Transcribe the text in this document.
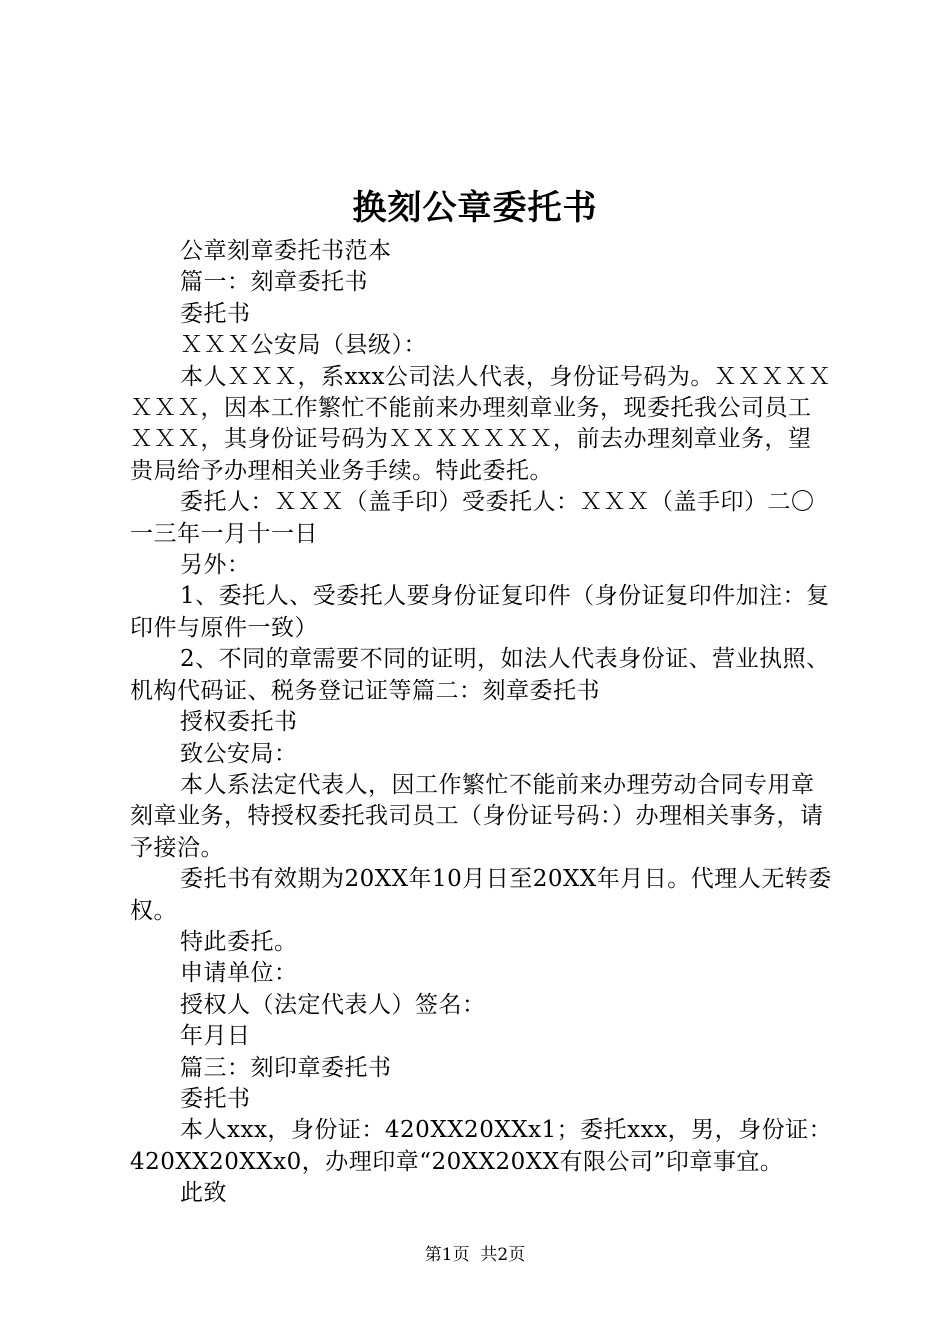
换刻公章委托书

公章刻章委托书范本

篇一：刻章委托书

委托书

ＸＸＸ公安局（县级）：

本人ＸＸＸ，系xxx公司法人代表，身份证号码为。ＸＸＸＸＸＸＸＸ，因本工作繁忙不能前来办理刻章业务，现委托我公司员工ＸＸＸ，其身份证号码为ＸＸＸＸＸＸＸ，前去办理刻章业务，望贵局给予办理相关业务手续。特此委托。

委托人：ＸＸＸ（盖手印）受委托人：ＸＸＸ（盖手印）二〇一三年一月十一日

另外：

1、委托人、受委托人要身份证复印件（身份证复印件加注：复印件与原件一致）

2、不同的章需要不同的证明，如法人代表身份证、营业执照、机构代码证、税务登记证等篇二：刻章委托书

授权委托书

致公安局：

本人系法定代表人，因工作繁忙不能前来办理劳动合同专用章刻章业务，特授权委托我司员工（身份证号码：）办理相关事务，请予接洽。

委托书有效期为20XX年10月日至20XX年月日。代理人无转委权。

特此委托。

申请单位：

授权人（法定代表人）签名：

年月日

篇三：刻印章委托书

委托书

本人xxx，身份证：420XX20XXx1；委托xxx，男，身份证：420XX20XXx0，办理印章“20XX20XX有限公司”印章事宜。

此致

第1页  共2页
